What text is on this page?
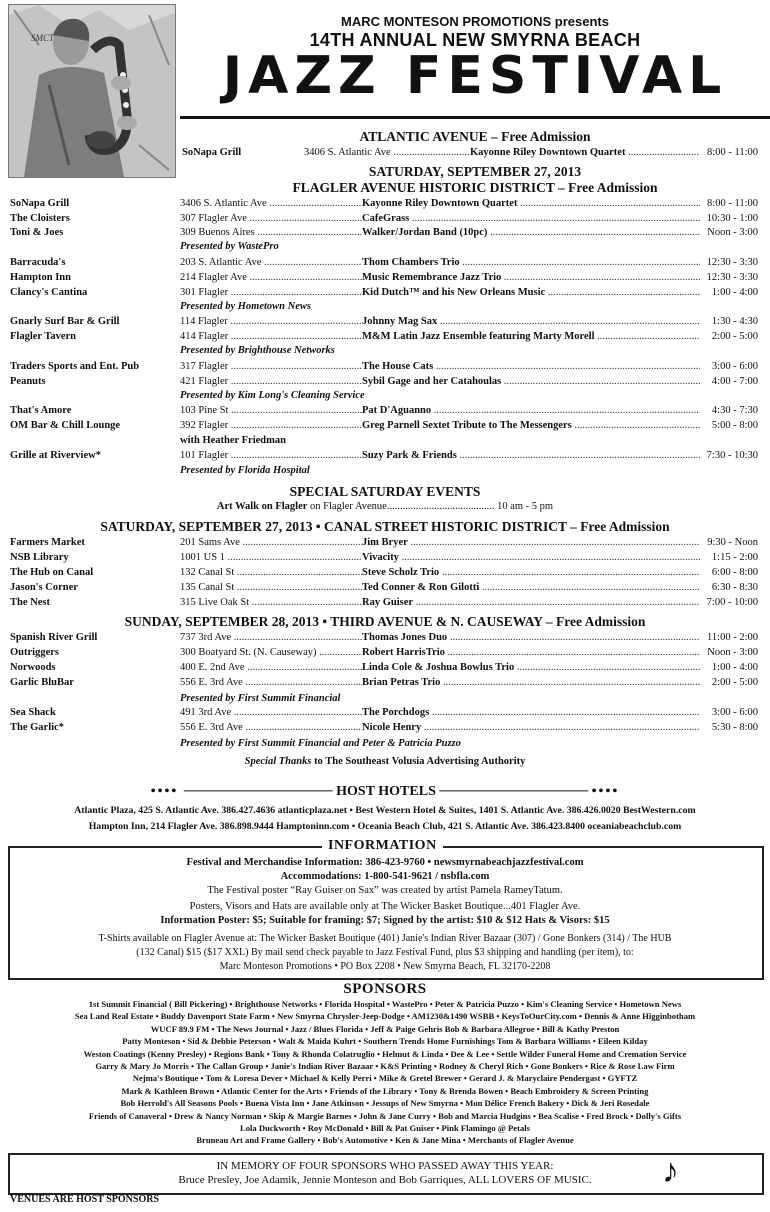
SMCT
MARC MONTESON PROMOTIONS presents
14TH ANNUAL NEW SMYRNA BEACH
JAZZ FESTIVAL
ATLANTIC AVENUE – Free Admission
SoNapa Grill	3406 S. Atlantic Ave .....	Kayonne Riley Downtown Quartet .....	8:00 - 11:00
SATURDAY, SEPTEMBER 27, 2013
FLAGLER AVENUE HISTORIC DISTRICT – Free Admission
SoNapa Grill	3406 S. Atlantic Ave .....	Kayonne Riley Downtown Quartet .....	8:00 - 11:00
The Cloisters	307 Flagler Ave .....	CafeGrass .....	10:30 - 1:00
Toni & Joes	309 Buenos Aires .....	Walker/Jordan Band (10pc) .....	Noon - 3:00
Barracuda's	203 S. Atlantic Ave .....	Thom Chambers Trio .....	12:30 - 3:30
Hampton Inn	214 Flagler Ave .....	Music Remembrance Jazz Trio .....	12:30 - 3:30
Clancy's Cantina	301 Flagler .....	Kid Dutch™ and his New Orleans Music .....	1:00 - 4:00
Gnarly Surf Bar & Grill	114 Flagler .....	Johnny Mag Sax .....	1:30 - 4:30
Flagler Tavern	414 Flagler .....	M&M Latin Jazz Ensemble featuring Marty Morell .....	2:00 - 5:00
Traders Sports and Ent. Pub	317 Flagler .....	The House Cats .....	3:00 - 6:00
Peanuts	421 Flagler .....	Sybil Gage and her Catahoulas .....	4:00 - 7:00
That's Amore	103 Pine St .....	Pat D'Aguanno .....	4:30 - 7:30
OM Bar & Chill Lounge	392 Flagler .....	Greg Parnell Sextet Tribute to The Messengers .....	5:00 - 8:00
Grille at Riverview*	101 Flagler .....	Suzy Park & Friends .....	7:30 - 10:30
Presented by WastePro
Presented by Hometown News
Presented by Brighthouse Networks
Presented by Kim Long's Cleaning Service
Presented by Florida Hospital
with Heather Friedman
SPECIAL SATURDAY EVENTS
Art Walk on Flagler on Flagler Avenue......................................... 10 am - 5 pm
SATURDAY, SEPTEMBER 27, 2013 • CANAL STREET HISTORIC DISTRICT – Free Admission
Farmers Market	201 Sams Ave .....	Jim Bryer .....	9:30 - Noon
NSB Library	1001 US 1 .....	Vivacity .....	1:15 - 2:00
The Hub on Canal	132 Canal St .....	Steve Scholz Trio .....	6:00 - 8:00
Jason's Corner	135 Canal St .....	Ted Conner & Ron Gilotti .....	6:30 - 8:30
The Nest	315 Live Oak St .....	Ray Guiser .....	7:00 - 10:00
SUNDAY, SEPTEMBER 28, 2013 • THIRD AVENUE & N. CAUSEWAY – Free Admission
Spanish River Grill	737 3rd Ave .....	Thomas Jones Duo .....	11:00 - 2:00
Outriggers	300 Boatyard St. (N. Causeway) .....	Robert HarrisTrio .....	Noon - 3:00
Norwoods	400 E. 2nd Ave .....	Linda Cole & Joshua Bowlus Trio .....	1:00 - 4:00
Garlic BluBar	556 E. 3rd Ave .....	Brian Petras Trio .....	2:00 - 5:00
Sea Shack	491 3rd Ave .....	The Porchdogs .....	3:00 - 6:00
The Garlic*	556 E. 3rd Ave .....	Nicole Henry .....	5:30 - 8:00
Presented by First Summit Financial
Presented by First Summit Financial and Peter & Patricia Puzzo
Special Thanks to The Southeast Volusia Advertising Authority
•••• ─────────────── HOST HOTELS ─────────────── ••••
Atlantic Plaza, 425 S. Atlantic Ave. 386.427.4636 atlanticplaza.net • Best Western Hotel & Suites, 1401 S. Atlantic Ave. 386.426.0020 BestWestern.com
Hampton Inn, 214 Flagler Ave. 386.898.9444 Hamptoninn.com • Oceania Beach Club, 421 S. Atlantic Ave. 386.423.8400 oceaniabeachclub.com
INFORMATION
Festival and Merchandise Information: 386-423-9760 • newsmyrnabeachjazzfestival.com
Accommodations: 1-800-541-9621 / nsbfla.com
The Festival poster “Ray Guiser on Sax” was created by artist Pamela RameyTatum.
Posters, Visors and Hats are available only at The Wicker Basket Boutique...401 Flagler Ave.
Information Poster: $5; Suitable for framing: $7; Signed by the artist: $10 & $12 Hats & Visors: $15
T-Shirts available on Flagler Avenue at: The Wicker Basket Boutique (401) Janie's Indian River Bazaar (307) / Gone Bonkers (314) / The HUB
(132 Canal) $15 ($17 XXL) By mail send check payable to Jazz Festival Fund, plus $3 shipping and handling (per item), to:
Marc Monteson Promotions • PO Box 2208 • New Smyrna Beach, FL 32170-2208
SPONSORS
1st Summit Financial ( Bill Pickering) • Brighthouse Networks • Florida Hospital • WastePro • Peter & Patricia Puzzo • Kim's Cleaning Service • Hometown News
Sea Land Real Estate • Buddy Davenport State Farm • New Smyrna Chrysler-Jeep-Dodge • AM1230&1490 WSBB • KeysToOurCity.com • Dennis & Anne Higginbotham
WUCF 89.9 FM • The News Journal • Jazz / Blues Florida • Jeff & Paige Gehris Bob & Barbara Allegroe • Bill & Kathy Preston
Patty Monteson • Sid & Debbie Peterson • Walt & Maida Kuhrt • Southern Trends Home Furnishings Tom & Barbara Williams • Eileen Kilday
Weston Coatings (Kenny Presley) • Regions Bank • Tony & Rhonda Colatruglio • Helmut & Linda • Dee & Lee • Settle Wilder Funeral Home and Cremation Service
Garry & Mary Jo Morris • The Callan Group • Janie's Indian River Bazaar • K&S Printing • Rodney & Cheryl Rich • Gone Bonkers • Rice & Rose Law Firm
Nejma's Boutique • Tom & Loresa Dever • Michael & Kelly Perri • Mike & Gretel Brewer • Gerard J. & Maryclaire Pendergast • GYFTZ
Mark & Kathleen Brown • Atlantic Center for the Arts • Friends of the Library • Tony & Brenda Bowen • Beach Embroidery & Screen Printing
Bob Herrold's All Seasons Pools • Buena Vista Inn • Jane Atkinson • Jessups of New Smyrna • Mon Délice French Bakery • Dick & Jeri Rosedale
Friends of Canaveral • Drew & Nancy Norman • Skip & Margie Barnes • John & Jane Curry • Bob and Marcia Hudgins • Bea Scalise • Fred Brock • Dolly's Gifts
Lola Duckworth • Roy McDonald • Bill & Pat Guiser • Pink Flamingo @ Petals
Bruneau Art and Frame Gallery • Bob's Automotive • Ken & Jane Mina • Merchants of Flagler Avenue
IN MEMORY OF FOUR SPONSORS WHO PASSED AWAY THIS YEAR:
Bruce Presley, Joe Adamik, Jennie Monteson and Bob Garriques, ALL LOVERS OF MUSIC.	♪
VENUES ARE HOST SPONSORS
